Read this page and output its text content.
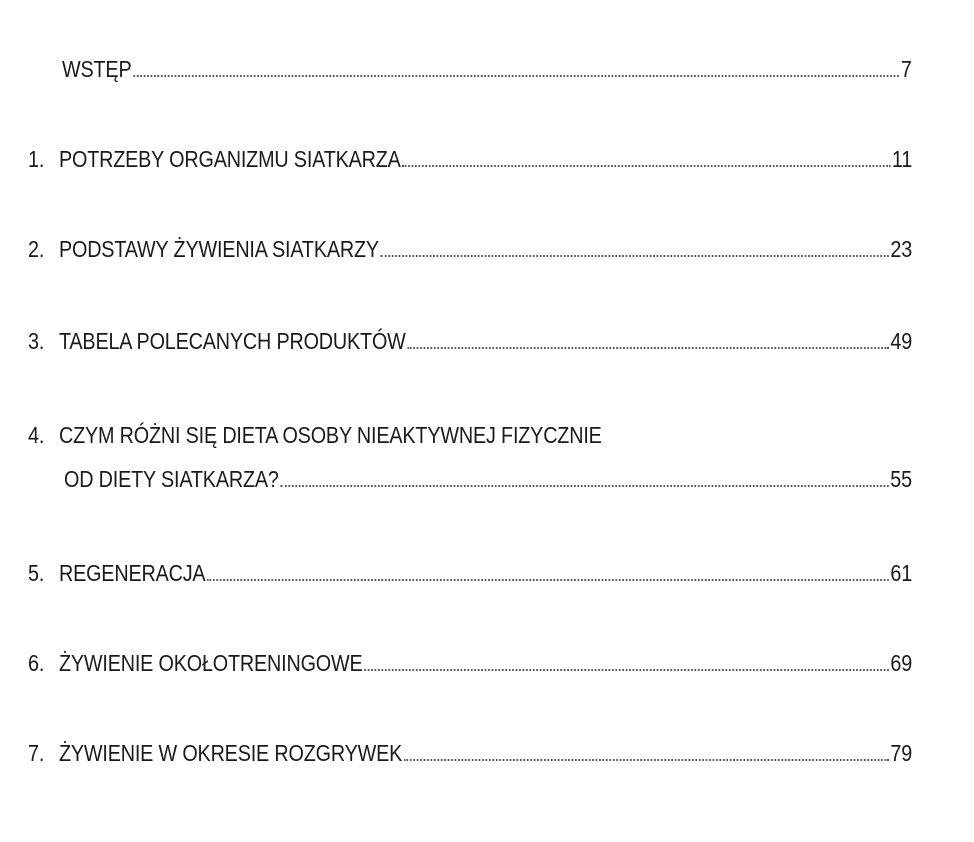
WSTĘP	7
1. POTRZEBY ORGANIZMU SIATKARZA	11
2. PODSTAWY ŻYWIENIA SIATKARZY	23
3. TABELA POLECANYCH PRODUKTÓW	49
4. CZYM RÓŻNI SIĘ DIETA OSOBY NIEAKTYWNEJ FIZYCZNIE
OD DIETY SIATKARZA?	55
5. REGENERACJA	61
6. ŻYWIENIE OKOŁOTRENINGOWE	69
7. ŻYWIENIE W OKRESIE ROZGRYWEK	79
